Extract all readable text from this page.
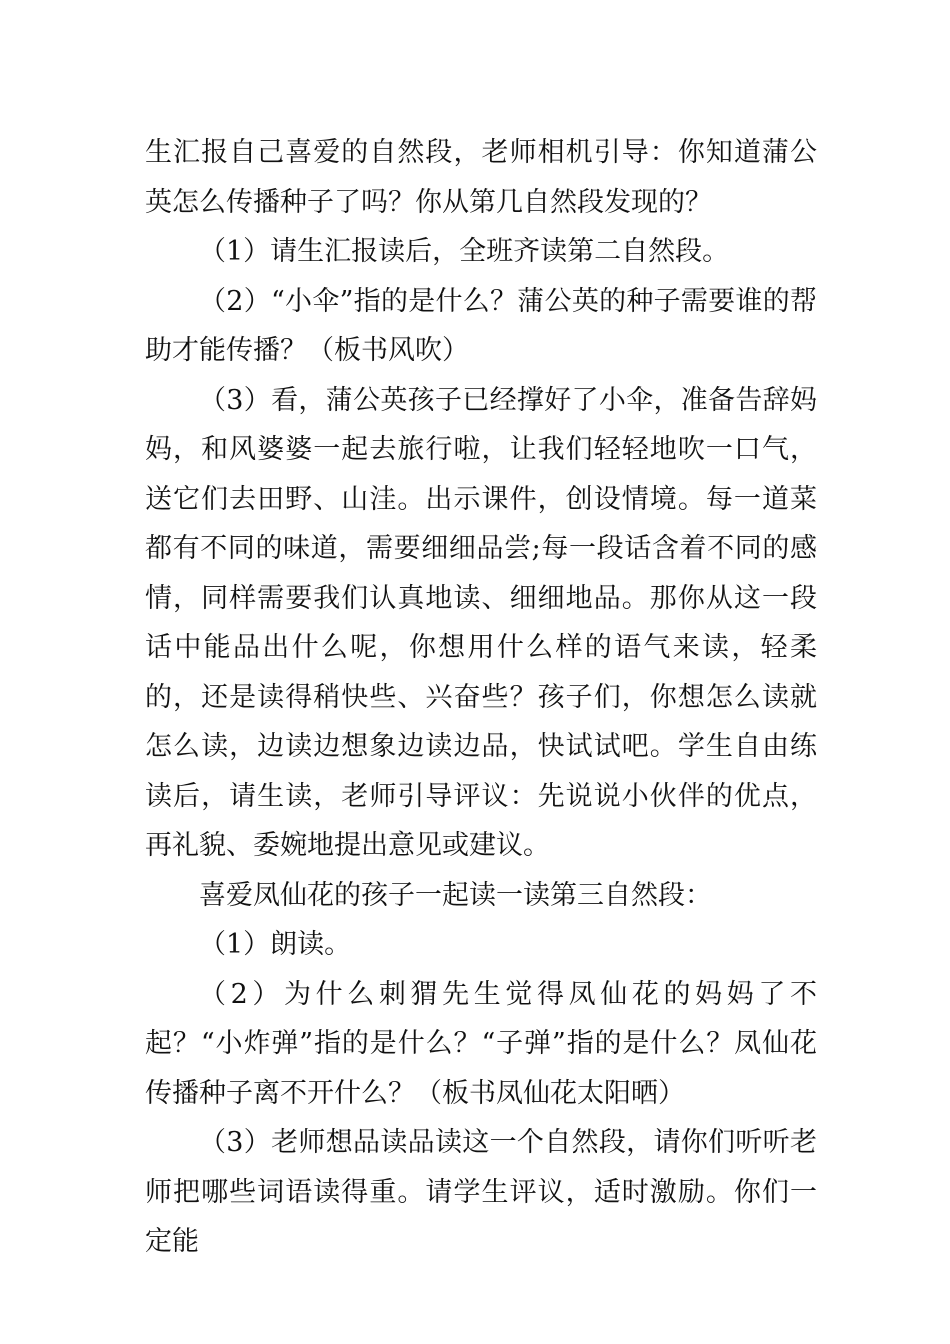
生汇报自己喜爱的自然段，老师相机引导：你知道蒲公英怎么传播种子了吗？你从第几自然段发现的？

（1）请生汇报读后，全班齐读第二自然段。

（2）“小伞”指的是什么？蒲公英的种子需要谁的帮助才能传播？（板书风吹）

（3）看，蒲公英孩子已经撑好了小伞，准备告辞妈妈，和风婆婆一起去旅行啦，让我们轻轻地吹一口气，送它们去田野、山洼。出示课件，创设情境。每一道菜都有不同的味道，需要细细品尝;每一段话含着不同的感情，同样需要我们认真地读、细细地品。那你从这一段话中能品出什么呢，你想用什么样的语气来读，轻柔的，还是读得稍快些、兴奋些？孩子们，你想怎么读就怎么读，边读边想象边读边品，快试试吧。学生自由练读后，请生读，老师引导评议：先说说小伙伴的优点，再礼貌、委婉地提出意见或建议。

喜爱凤仙花的孩子一起读一读第三自然段：

（1）朗读。

（2）为什么刺猬先生觉得凤仙花的妈妈了不起？“小炸弹”指的是什么？“子弹”指的是什么？凤仙花传播种子离不开什么？（板书凤仙花太阳晒）

（3）老师想品读品读这一个自然段，请你们听听老师把哪些词语读得重。请学生评议，适时激励。你们一定能
